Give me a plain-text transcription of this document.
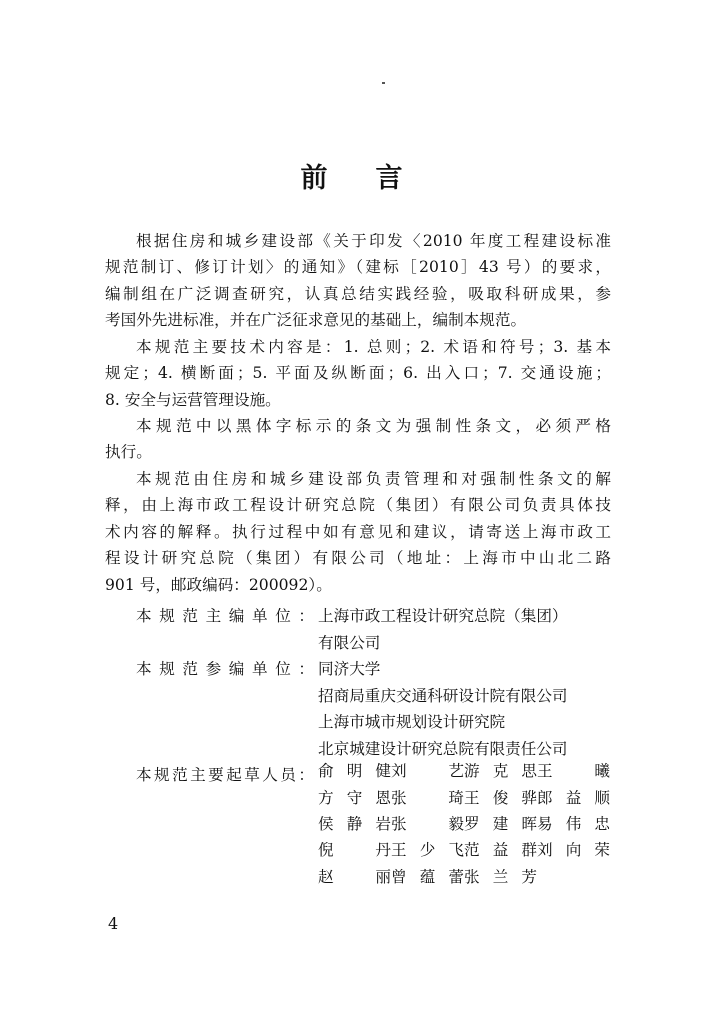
前 言
根据住房和城乡建设部《关于印发〈2010 年度工程建设标准
规范制订、修订计划〉的通知》（建标［2010］43 号）的要求，
编制组在广泛调查研究，认真总结实践经验，吸取科研成果，参
考国外先进标准，并在广泛征求意见的基础上，编制本规范。
本规范主要技术内容是：1. 总则；2. 术语和符号；3. 基本
规定；4. 横断面；5. 平面及纵断面；6. 出入口；7. 交通设施；
8. 安全与运营管理设施。
本规范中以黑体字标示的条文为强制性条文，必须严格
执行。
本规范由住房和城乡建设部负责管理和对强制性条文的解
释，由上海市政工程设计研究总院（集团）有限公司负责具体技
术内容的解释。执行过程中如有意见和建议，请寄送上海市政工
程设计研究总院（集团）有限公司（地址：上海市中山北二路
901 号，邮政编码：200092）。
本规范主编单位： 上海市政工程设计研究总院（集团）
有限公司
本规范参编单位： 同济大学
招商局重庆交通科研设计院有限公司
上海市城市规划设计研究院
北京城建设计研究总院有限责任公司
本规范主要起草人员： 俞明健 刘　艺 游克思 王　曦
方守恩 张　琦 王俊骅 郎益顺
侯静岩 张　毅 罗建晖 易伟忠
倪　丹 王少飞 范益群 刘向荣
赵　丽 曾蕴蕾 张兰芳
4
